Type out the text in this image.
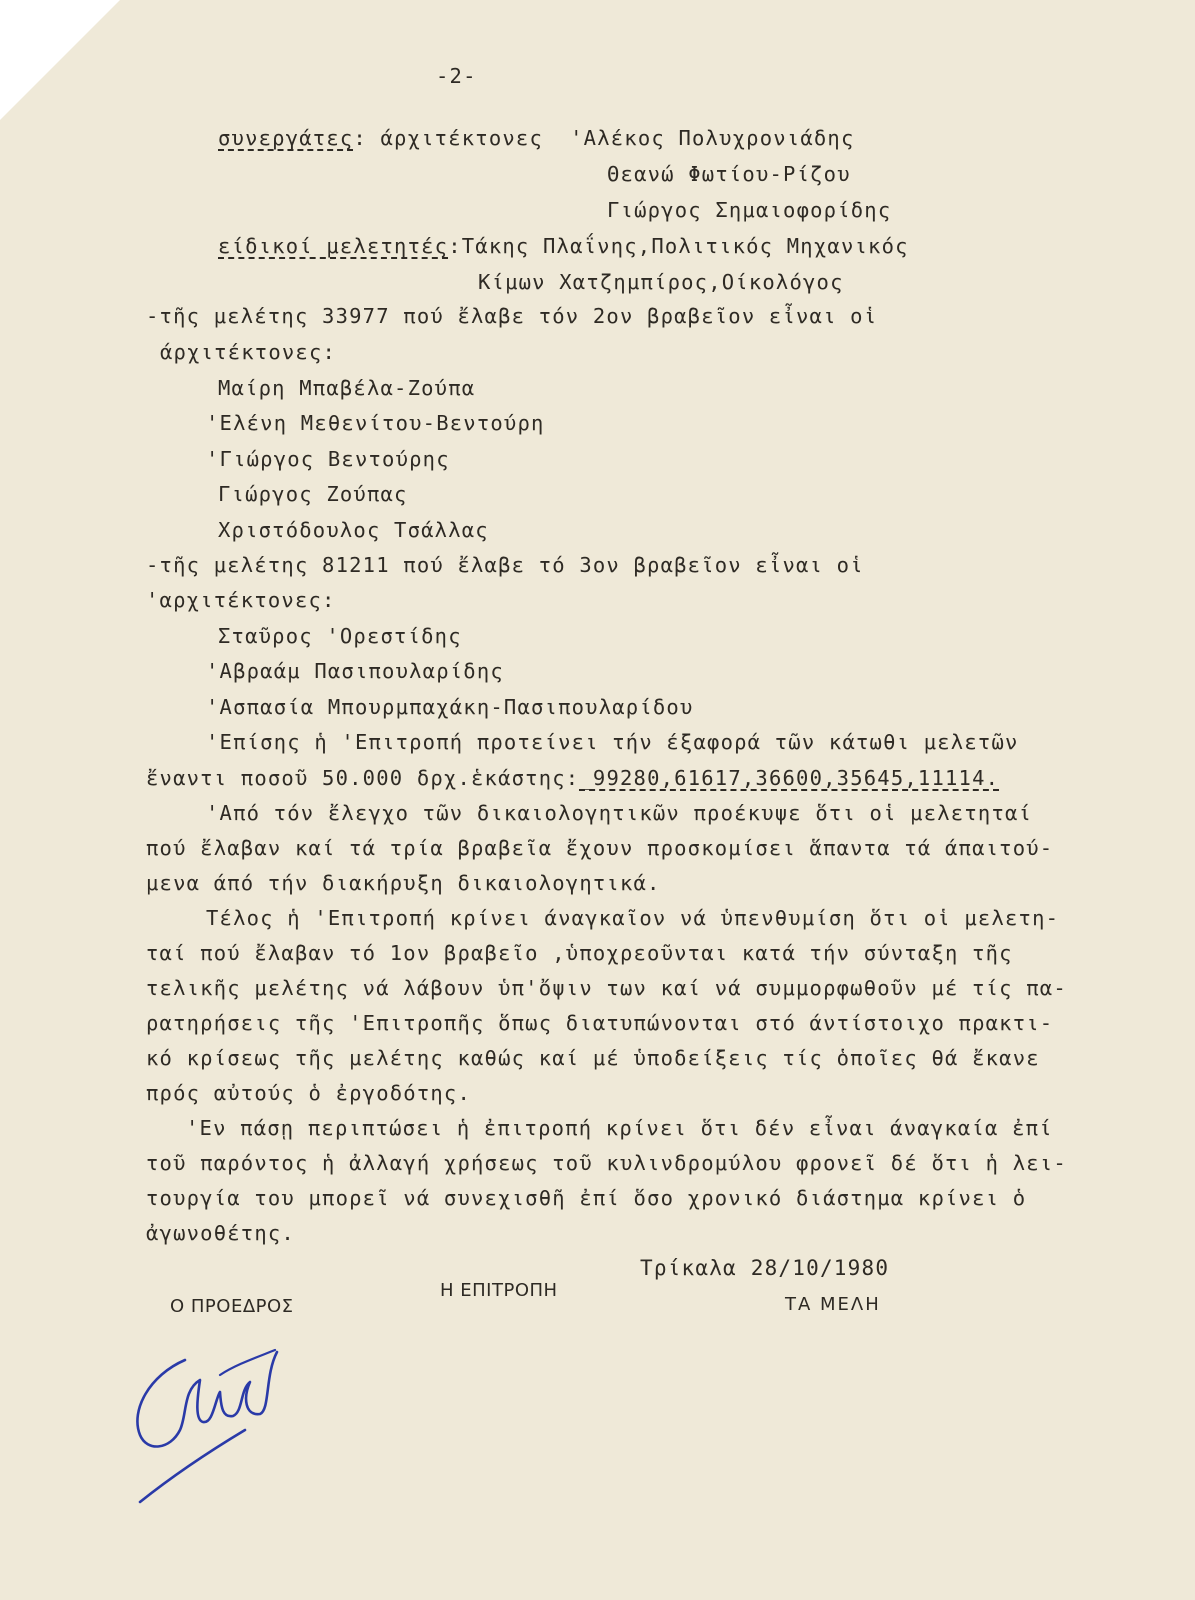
-2-
συνεργάτες: άρχιτέκτονες  'Αλέκος Πολυχρονιάδης
Θεανώ Φωτίου-Ρίζου
Γιώργος Σημαιοφορίδης
είδικοί μελετητές:Τάκης Πλαΐνης,Πολιτικός Μηχανικός
Κίμων Χατζημπίρος,Οίκολόγος
-τῆς μελέτης 33977 πού ἔλαβε τόν 2ον βραβεῖον εἶναι οἱ
άρχιτέκτονες:
Μαίρη Μπαβέλα-Ζούπα
'Ελένη Μεθενίτου-Βεντούρη
'Γιώργος Βεντούρης
Γιώργος Ζούπας
Χριστόδουλος Τσάλλας
-τῆς μελέτης 81211 πού ἔλαβε τό 3ον βραβεῖον εἶναι οἱ
'αρχιτέκτονες:
Σταῦρος 'Ορεστίδης
'Αβραάμ Πασιπουλαρίδης
'Ασπασία Μπουρμπαχάκη-Πασιπουλαρίδου
'Επίσης ἡ 'Επιτροπή προτείνει τήν έξαφορά τῶν κάτωθι μελετῶν
ἔναντι ποσοῦ 50.000 δρχ.ἑκάστης:_99280,61617,36600,35645,11114.
'Από τόν ἔλεγχο τῶν δικαιολογητικῶν προέκυψε ὅτι οἱ μελετηταί
πού ἔλαβαν καί τά τρία βραβεῖα ἔχουν προσκομίσει ἅπαντα τά άπαιτού-
μενα άπό τήν διακήρυξη δικαιολογητικά.
Τέλος ἡ 'Επιτροπή κρίνει άναγκαῖον νά ὑπενθυμίση ὅτι οἱ μελετη-
ταί πού ἔλαβαν τό 1ον βραβεῖο ,ὑποχρεοῦνται κατά τήν σύνταξη τῆς
τελικῆς μελέτης νά λάβουν ὑπ'ὄψιν των καί νά συμμορφωθοῦν μέ τίς πα-
ρατηρήσεις τῆς 'Επιτροπῆς ὅπως διατυπώνονται στό άντίστοιχο πρακτι-
κό κρίσεως τῆς μελέτης καθώς καί μέ ὑποδείξεις τίς ὁποῖες θά ἔκανε
πρός αὐτούς ὁ ἐργοδότης.
'Εν πάσῃ περιπτώσει ἡ ἐπιτροπή κρίνει ὅτι δέν εἶναι άναγκαία ἐπί
τοῦ παρόντος ἡ ἀλλαγή χρήσεως τοῦ κυλινδρομύλου φρονεῖ δέ ὅτι ἡ λει-
τουργία του μπορεῖ νά συνεχισθῆ ἐπί ὅσο χρονικό διάστημα κρίνει ὁ
ἀγωνοθέτης.
Τρίκαλα 28/10/1980
Ο ΠΡΟΕΔΡΟΣ
Η ΕΠΙΤΡΟΠΗ
ΤΑ ΜΕΛΗ
